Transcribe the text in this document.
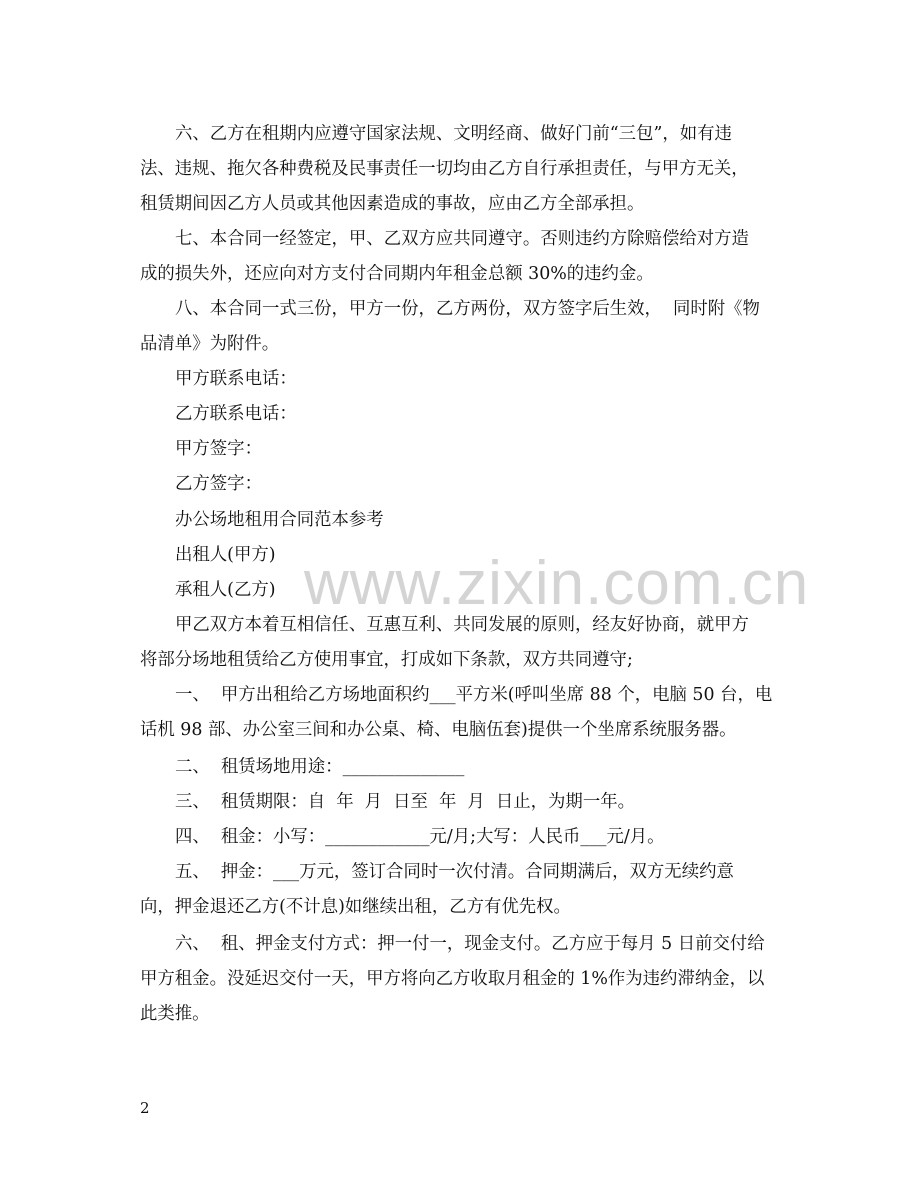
www.zixin.com.cn
六、乙方在租期内应遵守国家法规、文明经商、做好门前“三包”，如有违
法、违规、拖欠各种费税及民事责任一切均由乙方自行承担责任，与甲方无关，
租赁期间因乙方人员或其他因素造成的事故，应由乙方全部承担。
七、本合同一经签定，甲、乙双方应共同遵守。否则违约方除赔偿给对方造
成的损失外，还应向对方支付合同期内年租金总额 30%的违约金。
八、本合同一式三份，甲方一份，乙方两份，双方签字后生效，  同时附《物
品清单》为附件。
甲方联系电话：
乙方联系电话：
甲方签字：
乙方签字：
办公场地租用合同范本参考
出租人(甲方)
承租人(乙方)
甲乙双方本着互相信任、互惠互利、共同发展的原则，经友好协商，就甲方
将部分场地租赁给乙方使用事宜，打成如下条款，双方共同遵守;
一、  甲方出租给乙方场地面积约___平方米(呼叫坐席 88 个，电脑 50 台，电
话机 98 部、办公室三间和办公桌、椅、电脑伍套)提供一个坐席系统服务器。
二、  租赁场地用途：______________
三、  租赁期限：自  年  月  日至  年  月  日止，为期一年。
四、  租金：小写：____________元/月;大写：人民币___元/月。
五、  押金：___万元，签订合同时一次付清。合同期满后，双方无续约意
向，押金退还乙方(不计息)如继续出租，乙方有优先权。
六、  租、押金支付方式：押一付一，现金支付。乙方应于每月 5 日前交付给
甲方租金。没延迟交付一天，甲方将向乙方收取月租金的 1%作为违约滞纳金，以
此类推。
2
